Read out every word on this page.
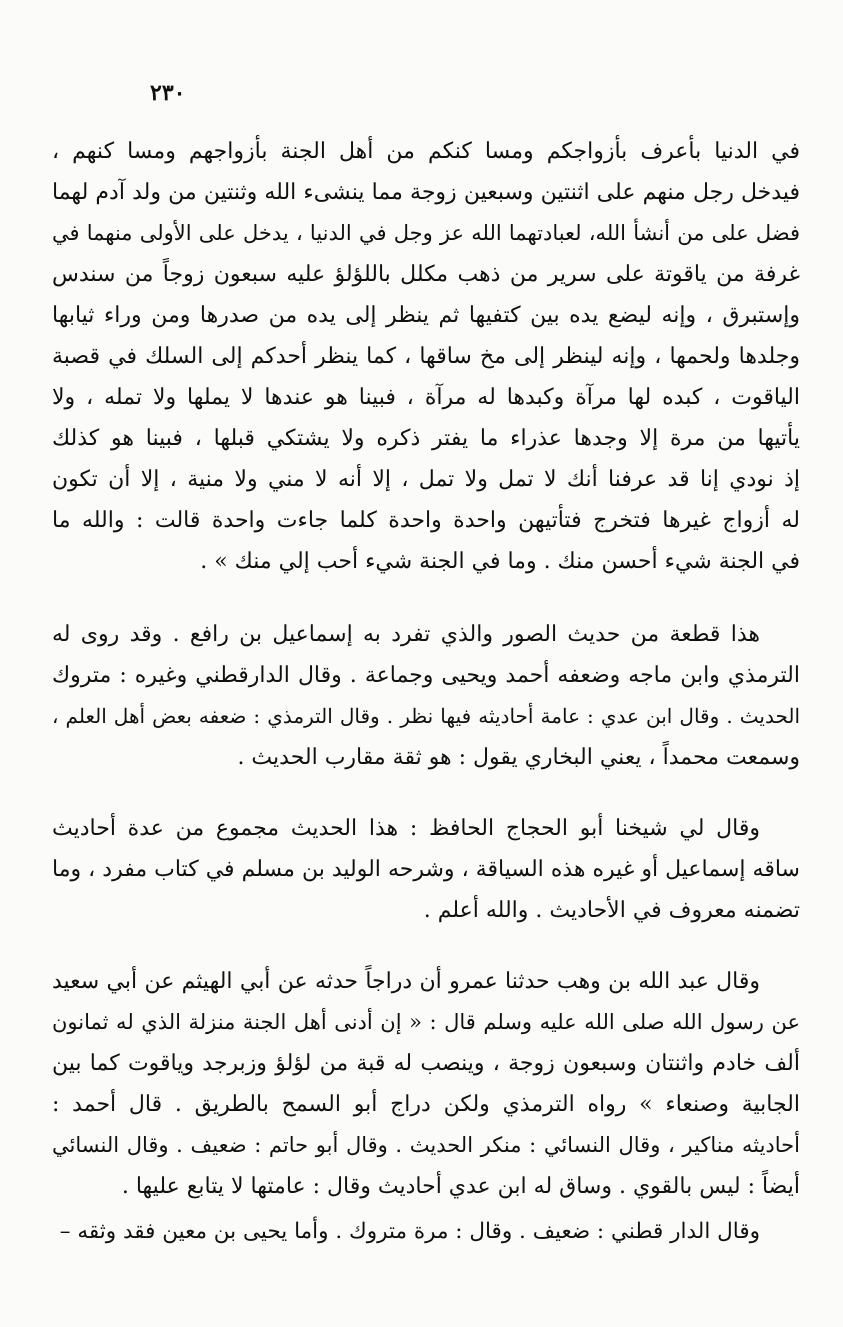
٢٣٠
في الدنيا بأعرف بأزواجكم ومسا كنكم من أهل الجنة بأزواجهم ومسا كنهم ،
فيدخل رجل منهم على اثنتين وسبعين زوجة مما ينشىء الله وثنتين من ولد آدم لهما
فضل على من أنشأ الله، لعبادتهما الله عز وجل في الدنيا ، يدخل على الأولى منهما في
غرفة من ياقوتة على سرير من ذهب مكلل باللؤلؤ عليه سبعون زوجاً من سندس
وإستبرق ، وإنه ليضع يده بين كتفيها ثم ينظر إلى يده من صدرها ومن وراء ثيابها
وجلدها ولحمها ، وإنه لينظر إلى مخ ساقها ، كما ينظر أحدكم إلى السلك في قصبة
الياقوت ، كبده لها مرآة وكبدها له مرآة ، فبينا هو عندها لا يملها ولا تمله ، ولا
يأتيها من مرة إلا وجدها عذراء ما يفتر ذكره ولا يشتكي قبلها ، فبينا هو كذلك
إذ نودي إنا قد عرفنا أنك لا تمل ولا تمل ، إلا أنه لا مني ولا منية ، إلا أن تكون
له أزواج غيرها فتخرج فتأتيهن واحدة واحدة كلما جاءت واحدة قالت : والله ما
في الجنة شيء أحسن منك . وما في الجنة شيء أحب إلي منك » .
هذا قطعة من حديث الصور والذي تفرد به إسماعيل بن رافع . وقد روى له
الترمذي وابن ماجه وضعفه أحمد ويحيى وجماعة . وقال الدارقطني وغيره : متروك
الحديث . وقال ابن عدي : عامة أحاديثه فيها نظر . وقال الترمذي : ضعفه بعض أهل العلم ،
وسمعت محمداً ، يعني البخاري يقول : هو ثقة مقارب الحديث .
وقال لي شيخنا أبو الحجاج الحافظ : هذا الحديث مجموع من عدة أحاديث
ساقه إسماعيل أو غيره هذه السياقة ، وشرحه الوليد بن مسلم في كتاب مفرد ، وما
تضمنه معروف في الأحاديث . والله أعلم .
وقال عبد الله بن وهب حدثنا عمرو أن دراجاً حدثه عن أبي الهيثم عن أبي سعيد
عن رسول الله صلى الله عليه وسلم قال : « إن أدنى أهل الجنة منزلة الذي له ثمانون
ألف خادم واثنتان وسبعون زوجة ، وينصب له قبة من لؤلؤ وزبرجد وياقوت كما بين
الجابية وصنعاء » رواه الترمذي ولكن دراج أبو السمح بالطريق . قال أحمد :
أحاديثه مناكير ، وقال النسائي : منكر الحديث . وقال أبو حاتم : ضعيف . وقال النسائي
أيضاً : ليس بالقوي . وساق له ابن عدي أحاديث وقال : عامتها لا يتابع عليها .
وقال الدار قطني : ضعيف . وقال : مرة متروك . وأما يحيى بن معين فقد وثقه –
